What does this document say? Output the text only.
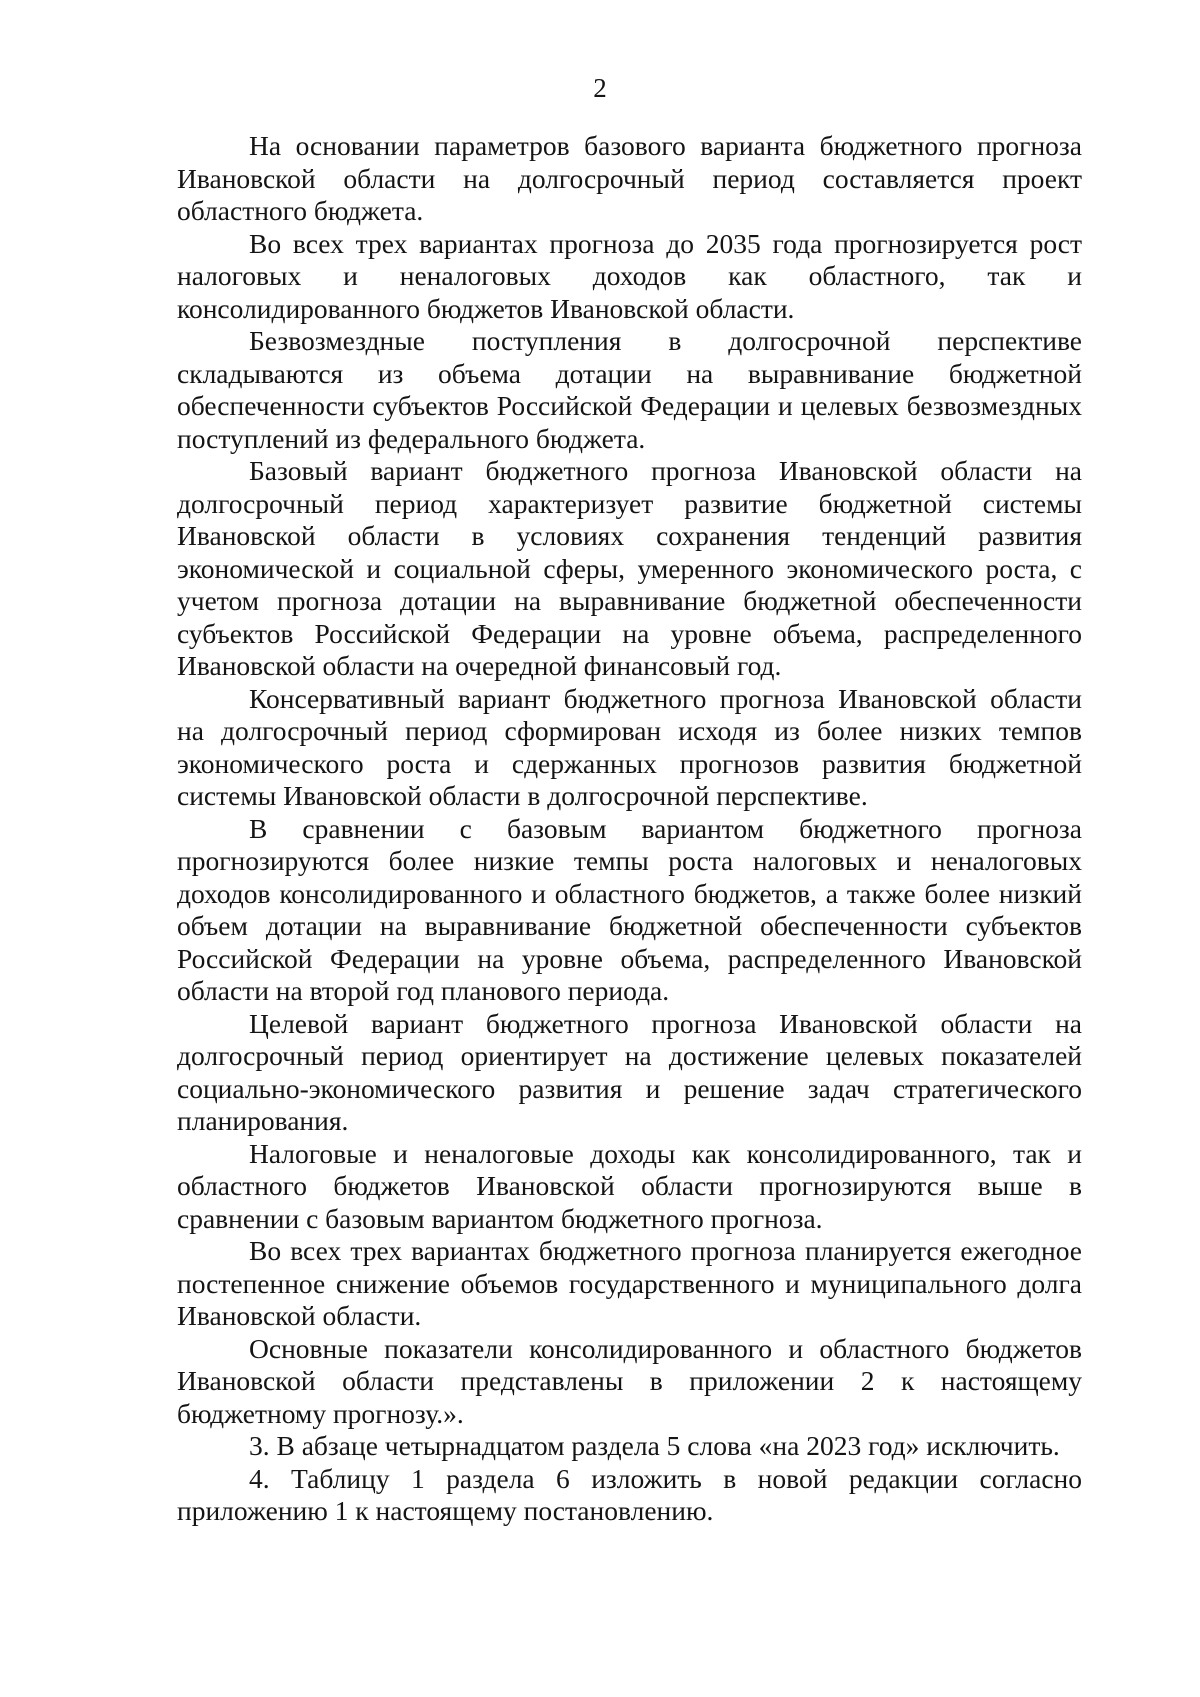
2

На основании параметров базового варианта бюджетного прогноза Ивановской области на долгосрочный период составляется проект областного бюджета.

Во всех трех вариантах прогноза до 2035 года прогнозируется рост налоговых и неналоговых доходов как областного, так и консолидированного бюджетов Ивановской области.

Безвозмездные поступления в долгосрочной перспективе складываются из объема дотации на выравнивание бюджетной обеспеченности субъектов Российской Федерации и целевых безвозмездных поступлений из федерального бюджета.

Базовый вариант бюджетного прогноза Ивановской области на долгосрочный период характеризует развитие бюджетной системы Ивановской области в условиях сохранения тенденций развития экономической и социальной сферы, умеренного экономического роста, с учетом прогноза дотации на выравнивание бюджетной обеспеченности субъектов Российской Федерации на уровне объема, распределенного Ивановской области на очередной финансовый год.

Консервативный вариант бюджетного прогноза Ивановской области на долгосрочный период сформирован исходя из более низких темпов экономического роста и сдержанных прогнозов развития бюджетной системы Ивановской области в долгосрочной перспективе.

В сравнении с базовым вариантом бюджетного прогноза прогнозируются более низкие темпы роста налоговых и неналоговых доходов консолидированного и областного бюджетов, а также более низкий объем дотации на выравнивание бюджетной обеспеченности субъектов Российской Федерации на уровне объема, распределенного Ивановской области на второй год планового периода.

Целевой вариант бюджетного прогноза Ивановской области на долгосрочный период ориентирует на достижение целевых показателей социально-экономического развития и решение задач стратегического планирования.

Налоговые и неналоговые доходы как консолидированного, так и областного бюджетов Ивановской области прогнозируются выше в сравнении с базовым вариантом бюджетного прогноза.

Во всех трех вариантах бюджетного прогноза планируется ежегодное постепенное снижение объемов государственного и муниципального долга Ивановской области.

Основные показатели консолидированного и областного бюджетов Ивановской области представлены в приложении 2 к настоящему бюджетному прогнозу.».

3. В абзаце четырнадцатом раздела 5 слова «на 2023 год» исключить.

4. Таблицу 1 раздела 6 изложить в новой редакции согласно приложению 1 к настоящему постановлению.
